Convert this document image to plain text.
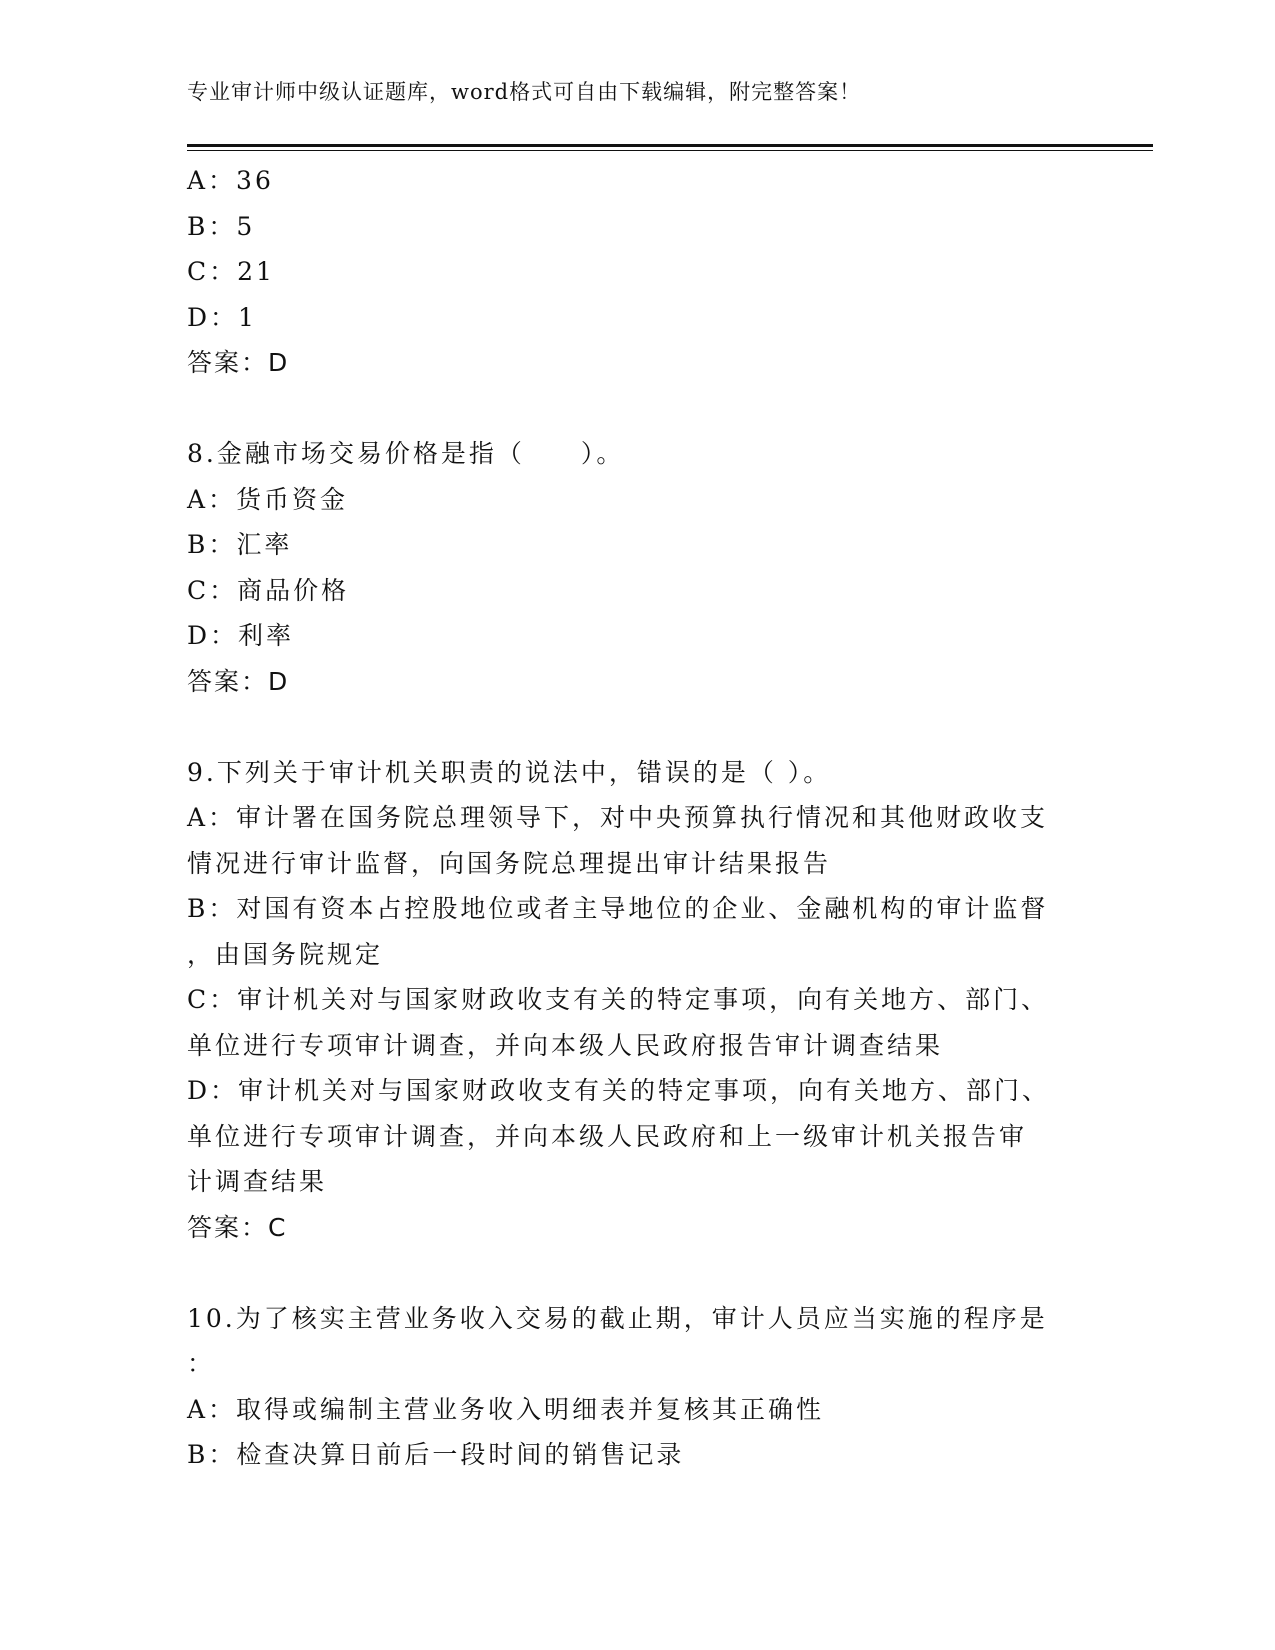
专业审计师中级认证题库，word格式可自由下载编辑，附完整答案！
A：36
B：5
C：21
D：1
答案：D
8.金融市场交易价格是指（　　）。
A：货币资金
B：汇率
C：商品价格
D：利率
答案：D
9.下列关于审计机关职责的说法中，错误的是（ ）。
A：审计署在国务院总理领导下，对中央预算执行情况和其他财政收支
情况进行审计监督，向国务院总理提出审计结果报告
B：对国有资本占控股地位或者主导地位的企业、金融机构的审计监督
，由国务院规定
C：审计机关对与国家财政收支有关的特定事项，向有关地方、部门、
单位进行专项审计调查，并向本级人民政府报告审计调查结果
D：审计机关对与国家财政收支有关的特定事项，向有关地方、部门、
单位进行专项审计调查，并向本级人民政府和上一级审计机关报告审
计调查结果
答案：C
10.为了核实主营业务收入交易的截止期，审计人员应当实施的程序是
：
A：取得或编制主营业务收入明细表并复核其正确性
B：检查决算日前后一段时间的销售记录
